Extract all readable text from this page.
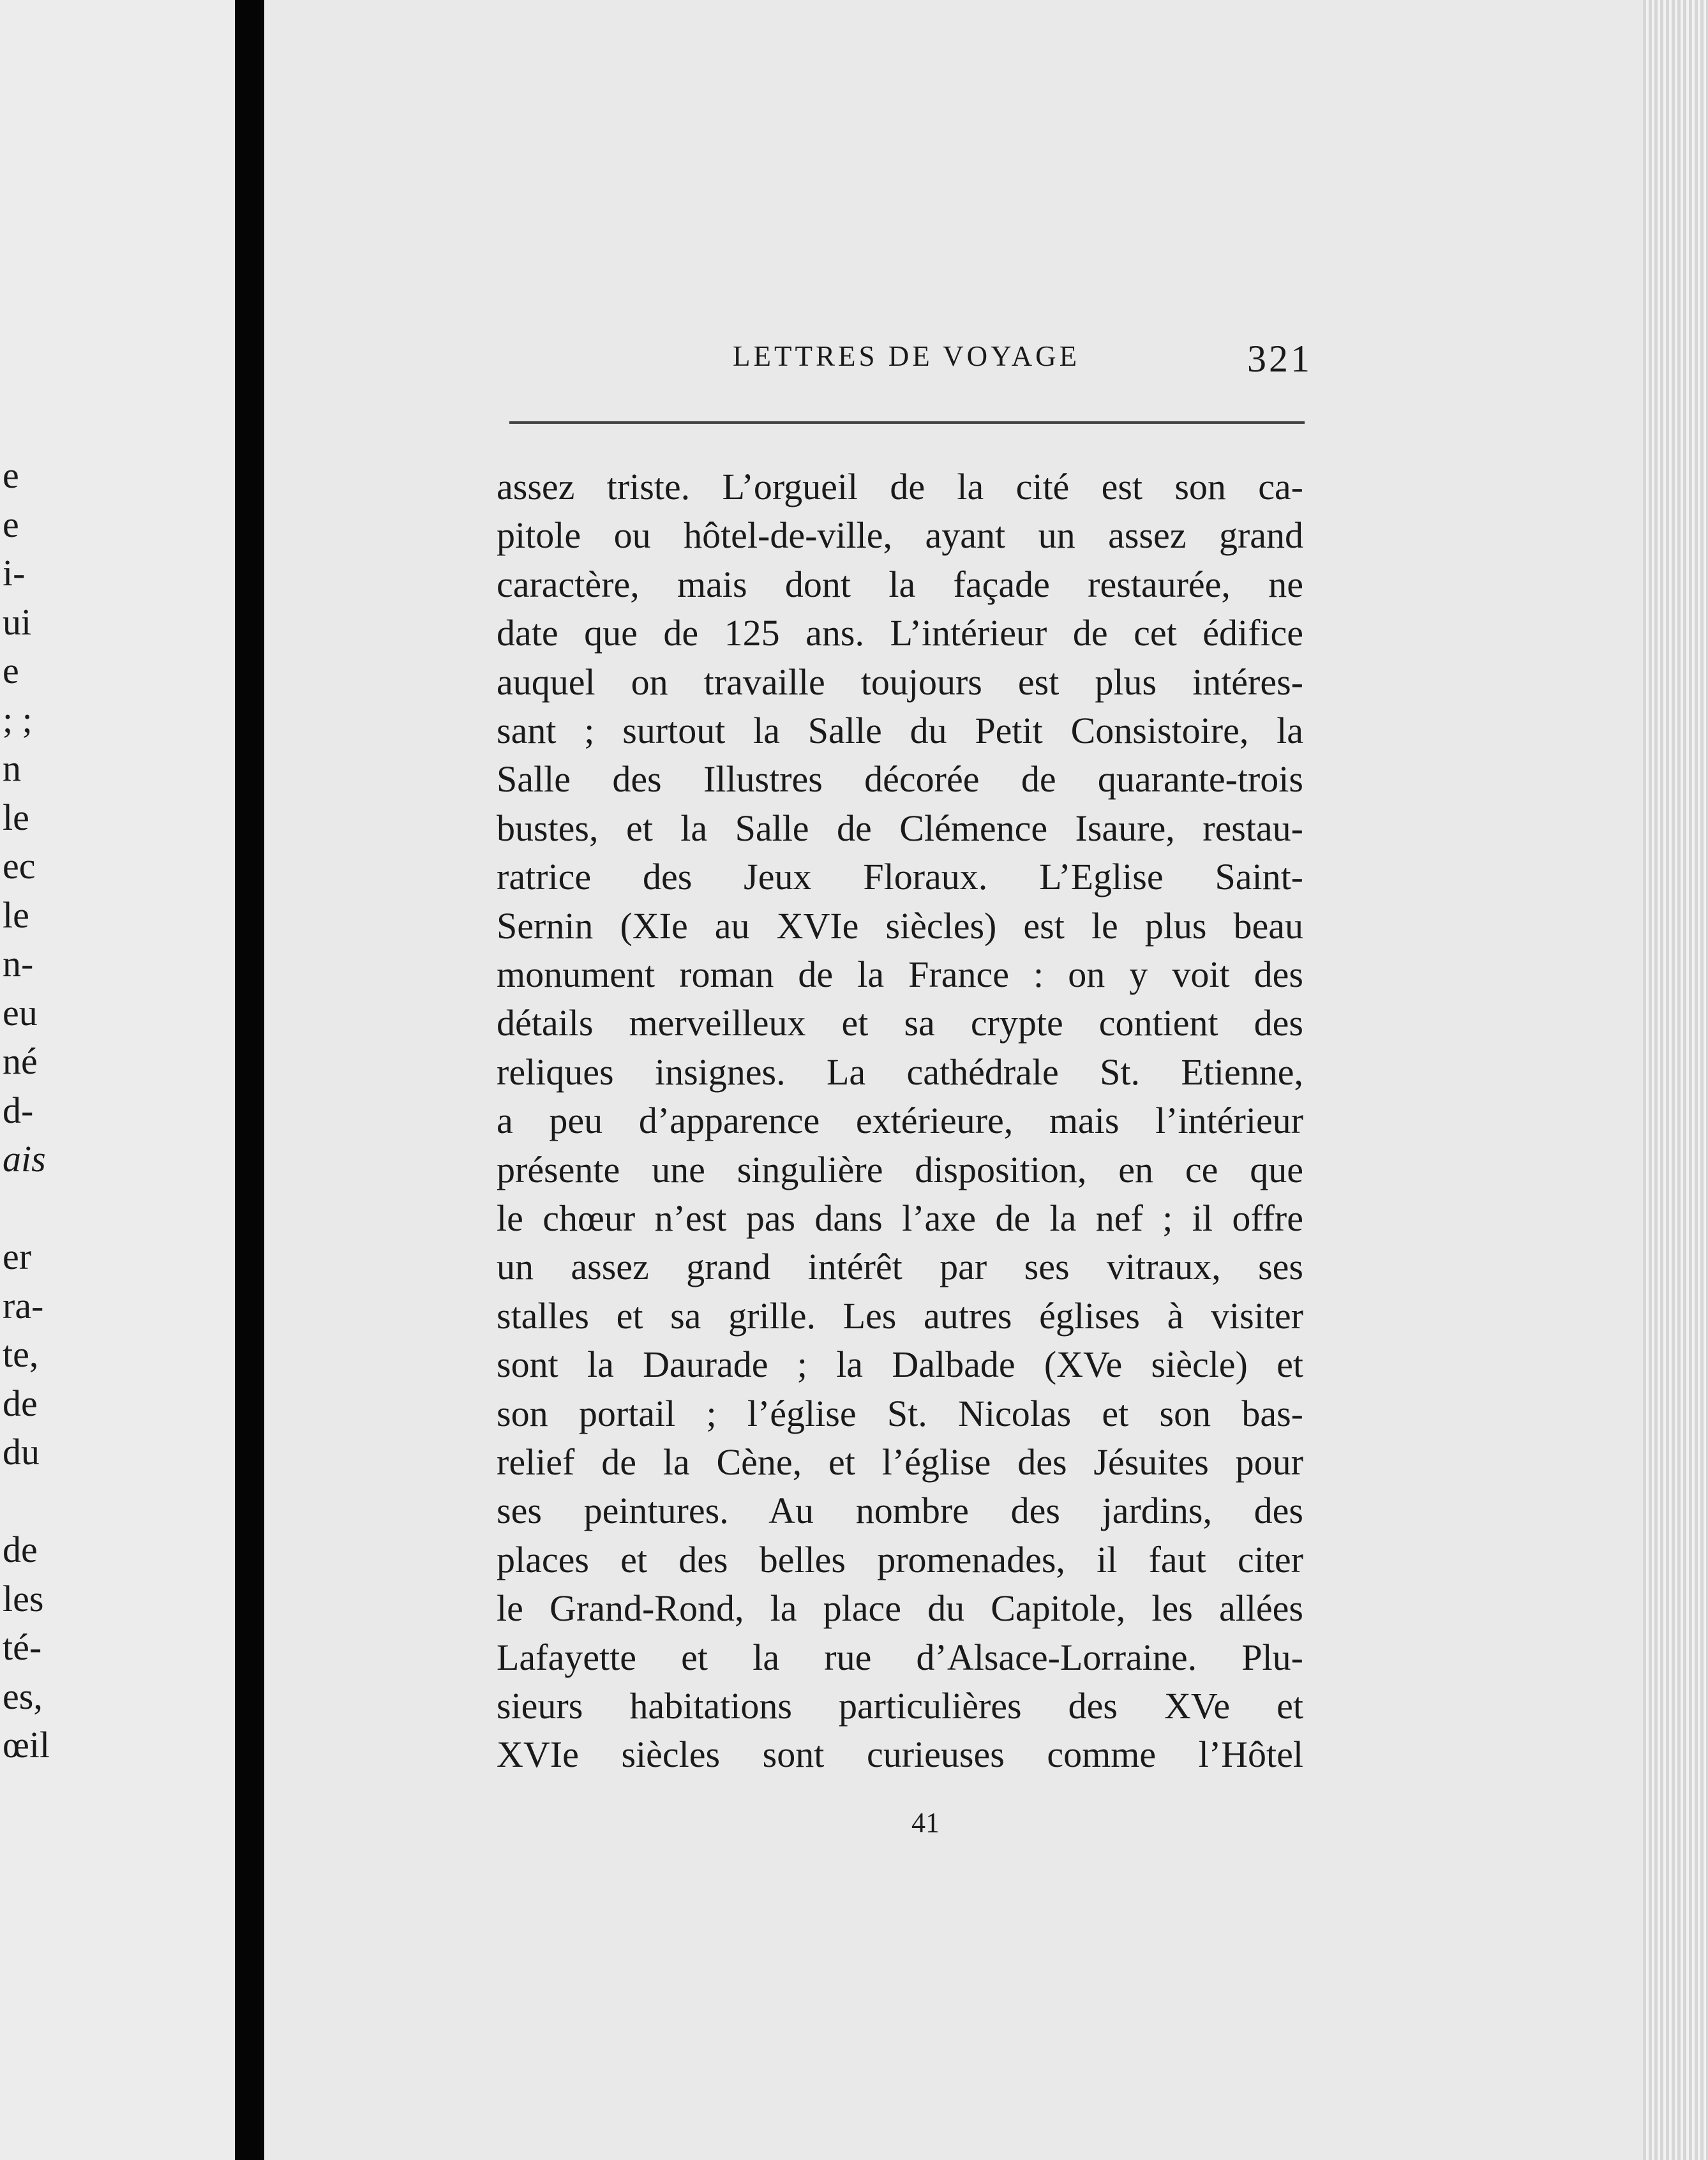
e
e
i-
ui
e
; ;
n
le
ec
le
n-
eu
né
d-
ais
er
ra-
te,
de
du
de
les
té-
es,
œil
LETTRES DE VOYAGE	321
assez triste. L’orgueil de la cité est son ca-
pitole ou hôtel-de-ville, ayant un assez grand
caractère, mais dont la façade restaurée, ne
date que de 125 ans. L’intérieur de cet édifice
auquel on travaille toujours est plus intéres-
sant ; surtout la Salle du Petit Consistoire, la
Salle des Illustres décorée de quarante-trois
bustes, et la Salle de Clémence Isaure, restau-
ratrice des Jeux Floraux. L’Eglise Saint-
Sernin (XIe au XVIe siècles) est le plus beau
monument roman de la France : on y voit des
détails merveilleux et sa crypte contient des
reliques insignes. La cathédrale St. Etienne,
a peu d’apparence extérieure, mais l’intérieur
présente une singulière disposition, en ce que
le chœur n’est pas dans l’axe de la nef ; il offre
un assez grand intérêt par ses vitraux, ses
stalles et sa grille. Les autres églises à visiter
sont la Daurade ; la Dalbade (XVe siècle) et
son portail ; l’église St. Nicolas et son bas-
relief de la Cène, et l’église des Jésuites pour
ses peintures. Au nombre des jardins, des
places et des belles promenades, il faut citer
le Grand-Rond, la place du Capitole, les allées
Lafayette et la rue d’Alsace-Lorraine. Plu-
sieurs habitations particulières des XVe et
XVIe siècles sont curieuses comme l’Hôtel
41
